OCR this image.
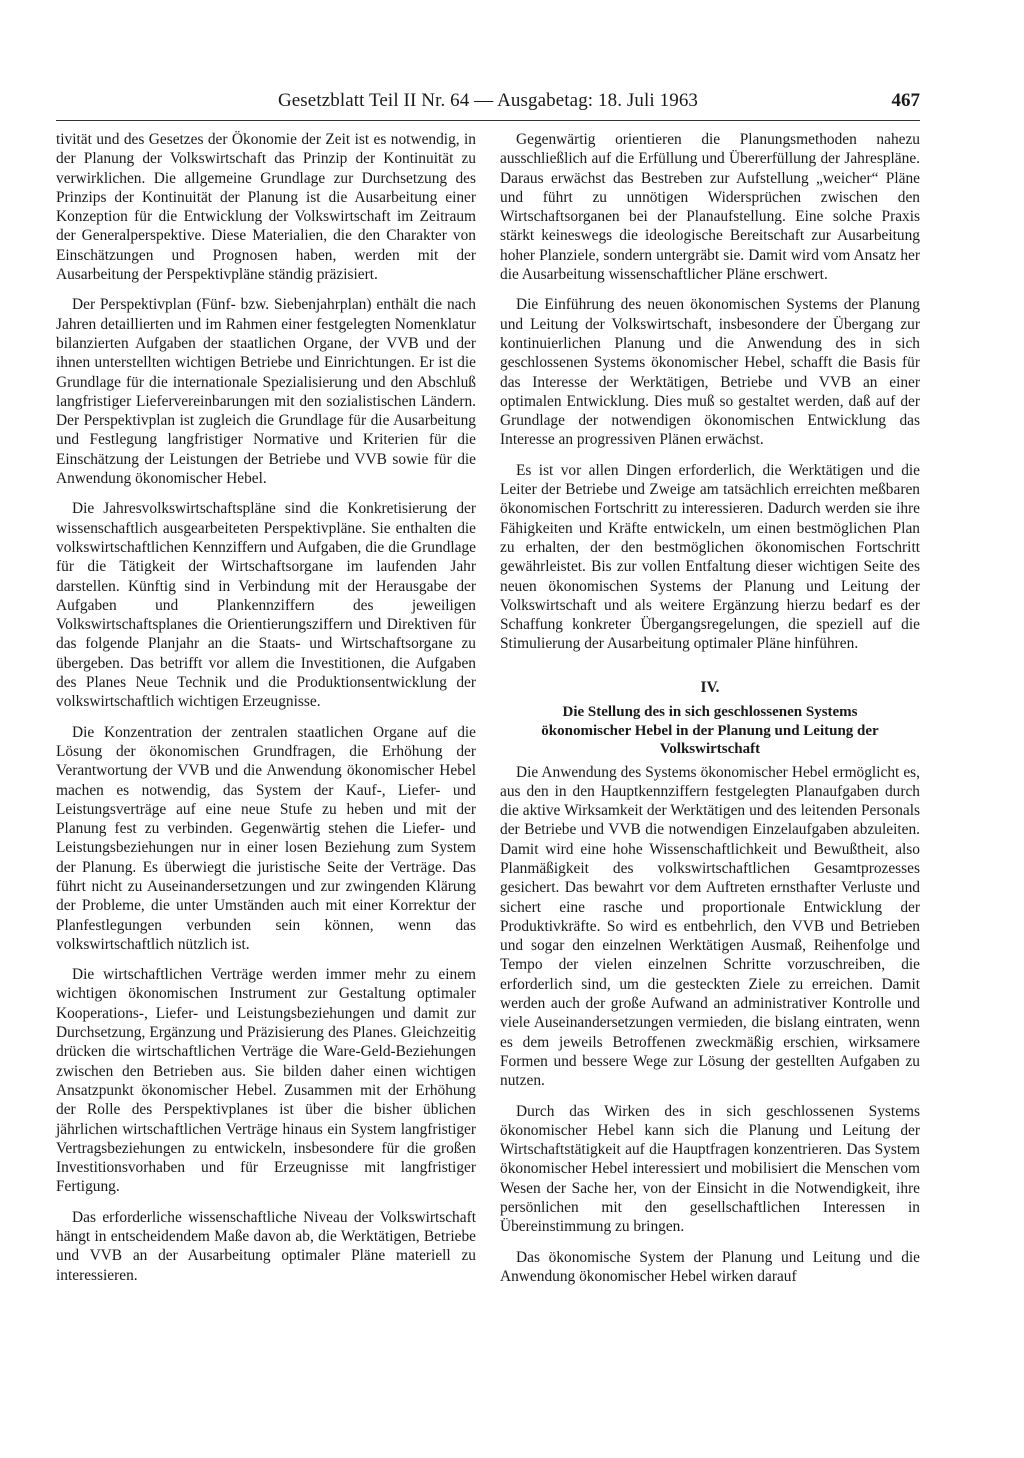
Gesetzblatt Teil II Nr. 64 — Ausgabetag: 18. Juli 1963	467

tivität und des Gesetzes der Ökonomie der Zeit ist es notwendig, in der Planung der Volkswirtschaft das Prinzip der Kontinuität zu verwirklichen. Die allgemeine Grundlage zur Durchsetzung des Prinzips der Kontinuität der Planung ist die Ausarbeitung einer Konzeption für die Entwicklung der Volkswirtschaft im Zeitraum der Generalperspektive. Diese Materialien, die den Charakter von Einschätzungen und Prognosen haben, werden mit der Ausarbeitung der Perspektivpläne ständig präzisiert.

Der Perspektivplan (Fünf- bzw. Siebenjahrplan) enthält die nach Jahren detaillierten und im Rahmen einer festgelegten Nomenklatur bilanzierten Aufgaben der staatlichen Organe, der VVB und der ihnen unterstellten wichtigen Betriebe und Einrichtungen. Er ist die Grundlage für die internationale Spezialisierung und den Abschluß langfristiger Liefervereinbarungen mit den sozialistischen Ländern. Der Perspektivplan ist zugleich die Grundlage für die Ausarbeitung und Festlegung langfristiger Normative und Kriterien für die Einschätzung der Leistungen der Betriebe und VVB sowie für die Anwendung ökonomischer Hebel.

Die Jahresvolkswirtschaftspläne sind die Konkretisierung der wissenschaftlich ausgearbeiteten Perspektivpläne. Sie enthalten die volkswirtschaftlichen Kennziffern und Aufgaben, die die Grundlage für die Tätigkeit der Wirtschaftsorgane im laufenden Jahr darstellen. Künftig sind in Verbindung mit der Herausgabe der Aufgaben und Plankennziffern des jeweiligen Volkswirtschaftsplanes die Orientierungsziffern und Direktiven für das folgende Planjahr an die Staats- und Wirtschaftsorgane zu übergeben. Das betrifft vor allem die Investitionen, die Aufgaben des Planes Neue Technik und die Produktionsentwicklung der volkswirtschaftlich wichtigen Erzeugnisse.

Die Konzentration der zentralen staatlichen Organe auf die Lösung der ökonomischen Grundfragen, die Erhöhung der Verantwortung der VVB und die Anwendung ökonomischer Hebel machen es notwendig, das System der Kauf-, Liefer- und Leistungsverträge auf eine neue Stufe zu heben und mit der Planung fest zu verbinden. Gegenwärtig stehen die Liefer- und Leistungsbeziehungen nur in einer losen Beziehung zum System der Planung. Es überwiegt die juristische Seite der Verträge. Das führt nicht zu Auseinandersetzungen und zur zwingenden Klärung der Probleme, die unter Umständen auch mit einer Korrektur der Planfestlegungen verbunden sein können, wenn das volkswirtschaftlich nützlich ist.

Die wirtschaftlichen Verträge werden immer mehr zu einem wichtigen ökonomischen Instrument zur Gestaltung optimaler Kooperations-, Liefer- und Leistungsbeziehungen und damit zur Durchsetzung, Ergänzung und Präzisierung des Planes. Gleichzeitig drücken die wirtschaftlichen Verträge die Ware-Geld-Beziehungen zwischen den Betrieben aus. Sie bilden daher einen wichtigen Ansatzpunkt ökonomischer Hebel. Zusammen mit der Erhöhung der Rolle des Perspektivplanes ist über die bisher üblichen jährlichen wirtschaftlichen Verträge hinaus ein System langfristiger Vertragsbeziehungen zu entwickeln, insbesondere für die großen Investitionsvorhaben und für Erzeugnisse mit langfristiger Fertigung.

Das erforderliche wissenschaftliche Niveau der Volkswirtschaft hängt in entscheidendem Maße davon ab, die Werktätigen, Betriebe und VVB an der Ausarbeitung optimaler Pläne materiell zu interessieren.

Gegenwärtig orientieren die Planungsmethoden nahezu ausschließlich auf die Erfüllung und Übererfüllung der Jahrespläne. Daraus erwächst das Bestreben zur Aufstellung „weicher“ Pläne und führt zu unnötigen Widersprüchen zwischen den Wirtschaftsorganen bei der Planaufstellung. Eine solche Praxis stärkt keineswegs die ideologische Bereitschaft zur Ausarbeitung hoher Planziele, sondern untergräbt sie. Damit wird vom Ansatz her die Ausarbeitung wissenschaftlicher Pläne erschwert.

Die Einführung des neuen ökonomischen Systems der Planung und Leitung der Volkswirtschaft, insbesondere der Übergang zur kontinuierlichen Planung und die Anwendung des in sich geschlossenen Systems ökonomischer Hebel, schafft die Basis für das Interesse der Werktätigen, Betriebe und VVB an einer optimalen Entwicklung. Dies muß so gestaltet werden, daß auf der Grundlage der notwendigen ökonomischen Entwicklung das Interesse an progressiven Plänen erwächst.

Es ist vor allen Dingen erforderlich, die Werktätigen und die Leiter der Betriebe und Zweige am tatsächlich erreichten meßbaren ökonomischen Fortschritt zu interessieren. Dadurch werden sie ihre Fähigkeiten und Kräfte entwickeln, um einen bestmöglichen Plan zu erhalten, der den bestmöglichen ökonomischen Fortschritt gewährleistet. Bis zur vollen Entfaltung dieser wichtigen Seite des neuen ökonomischen Systems der Planung und Leitung der Volkswirtschaft und als weitere Ergänzung hierzu bedarf es der Schaffung konkreter Übergangsregelungen, die speziell auf die Stimulierung der Ausarbeitung optimaler Pläne hinführen.

IV.
Die Stellung des in sich geschlossenen Systems ökonomischer Hebel in der Planung und Leitung der Volkswirtschaft

Die Anwendung des Systems ökonomischer Hebel ermöglicht es, aus den in den Hauptkennziffern festgelegten Planaufgaben durch die aktive Wirksamkeit der Werktätigen und des leitenden Personals der Betriebe und VVB die notwendigen Einzelaufgaben abzuleiten. Damit wird eine hohe Wissenschaftlichkeit und Bewußtheit, also Planmäßigkeit des volkswirtschaftlichen Gesamtprozesses gesichert. Das bewahrt vor dem Auftreten ernsthafter Verluste und sichert eine rasche und proportionale Entwicklung der Produktivkräfte. So wird es entbehrlich, den VVB und Betrieben und sogar den einzelnen Werktätigen Ausmaß, Reihenfolge und Tempo der vielen einzelnen Schritte vorzuschreiben, die erforderlich sind, um die gesteckten Ziele zu erreichen. Damit werden auch der große Aufwand an administrativer Kontrolle und viele Auseinandersetzungen vermieden, die bislang eintraten, wenn es dem jeweils Betroffenen zweckmäßig erschien, wirksamere Formen und bessere Wege zur Lösung der gestellten Aufgaben zu nutzen.

Durch das Wirken des in sich geschlossenen Systems ökonomischer Hebel kann sich die Planung und Leitung der Wirtschaftstätigkeit auf die Hauptfragen konzentrieren. Das System ökonomischer Hebel interessiert und mobilisiert die Menschen vom Wesen der Sache her, von der Einsicht in die Notwendigkeit, ihre persönlichen mit den gesellschaftlichen Interessen in Übereinstimmung zu bringen.

Das ökonomische System der Planung und Leitung und die Anwendung ökonomischer Hebel wirken darauf
